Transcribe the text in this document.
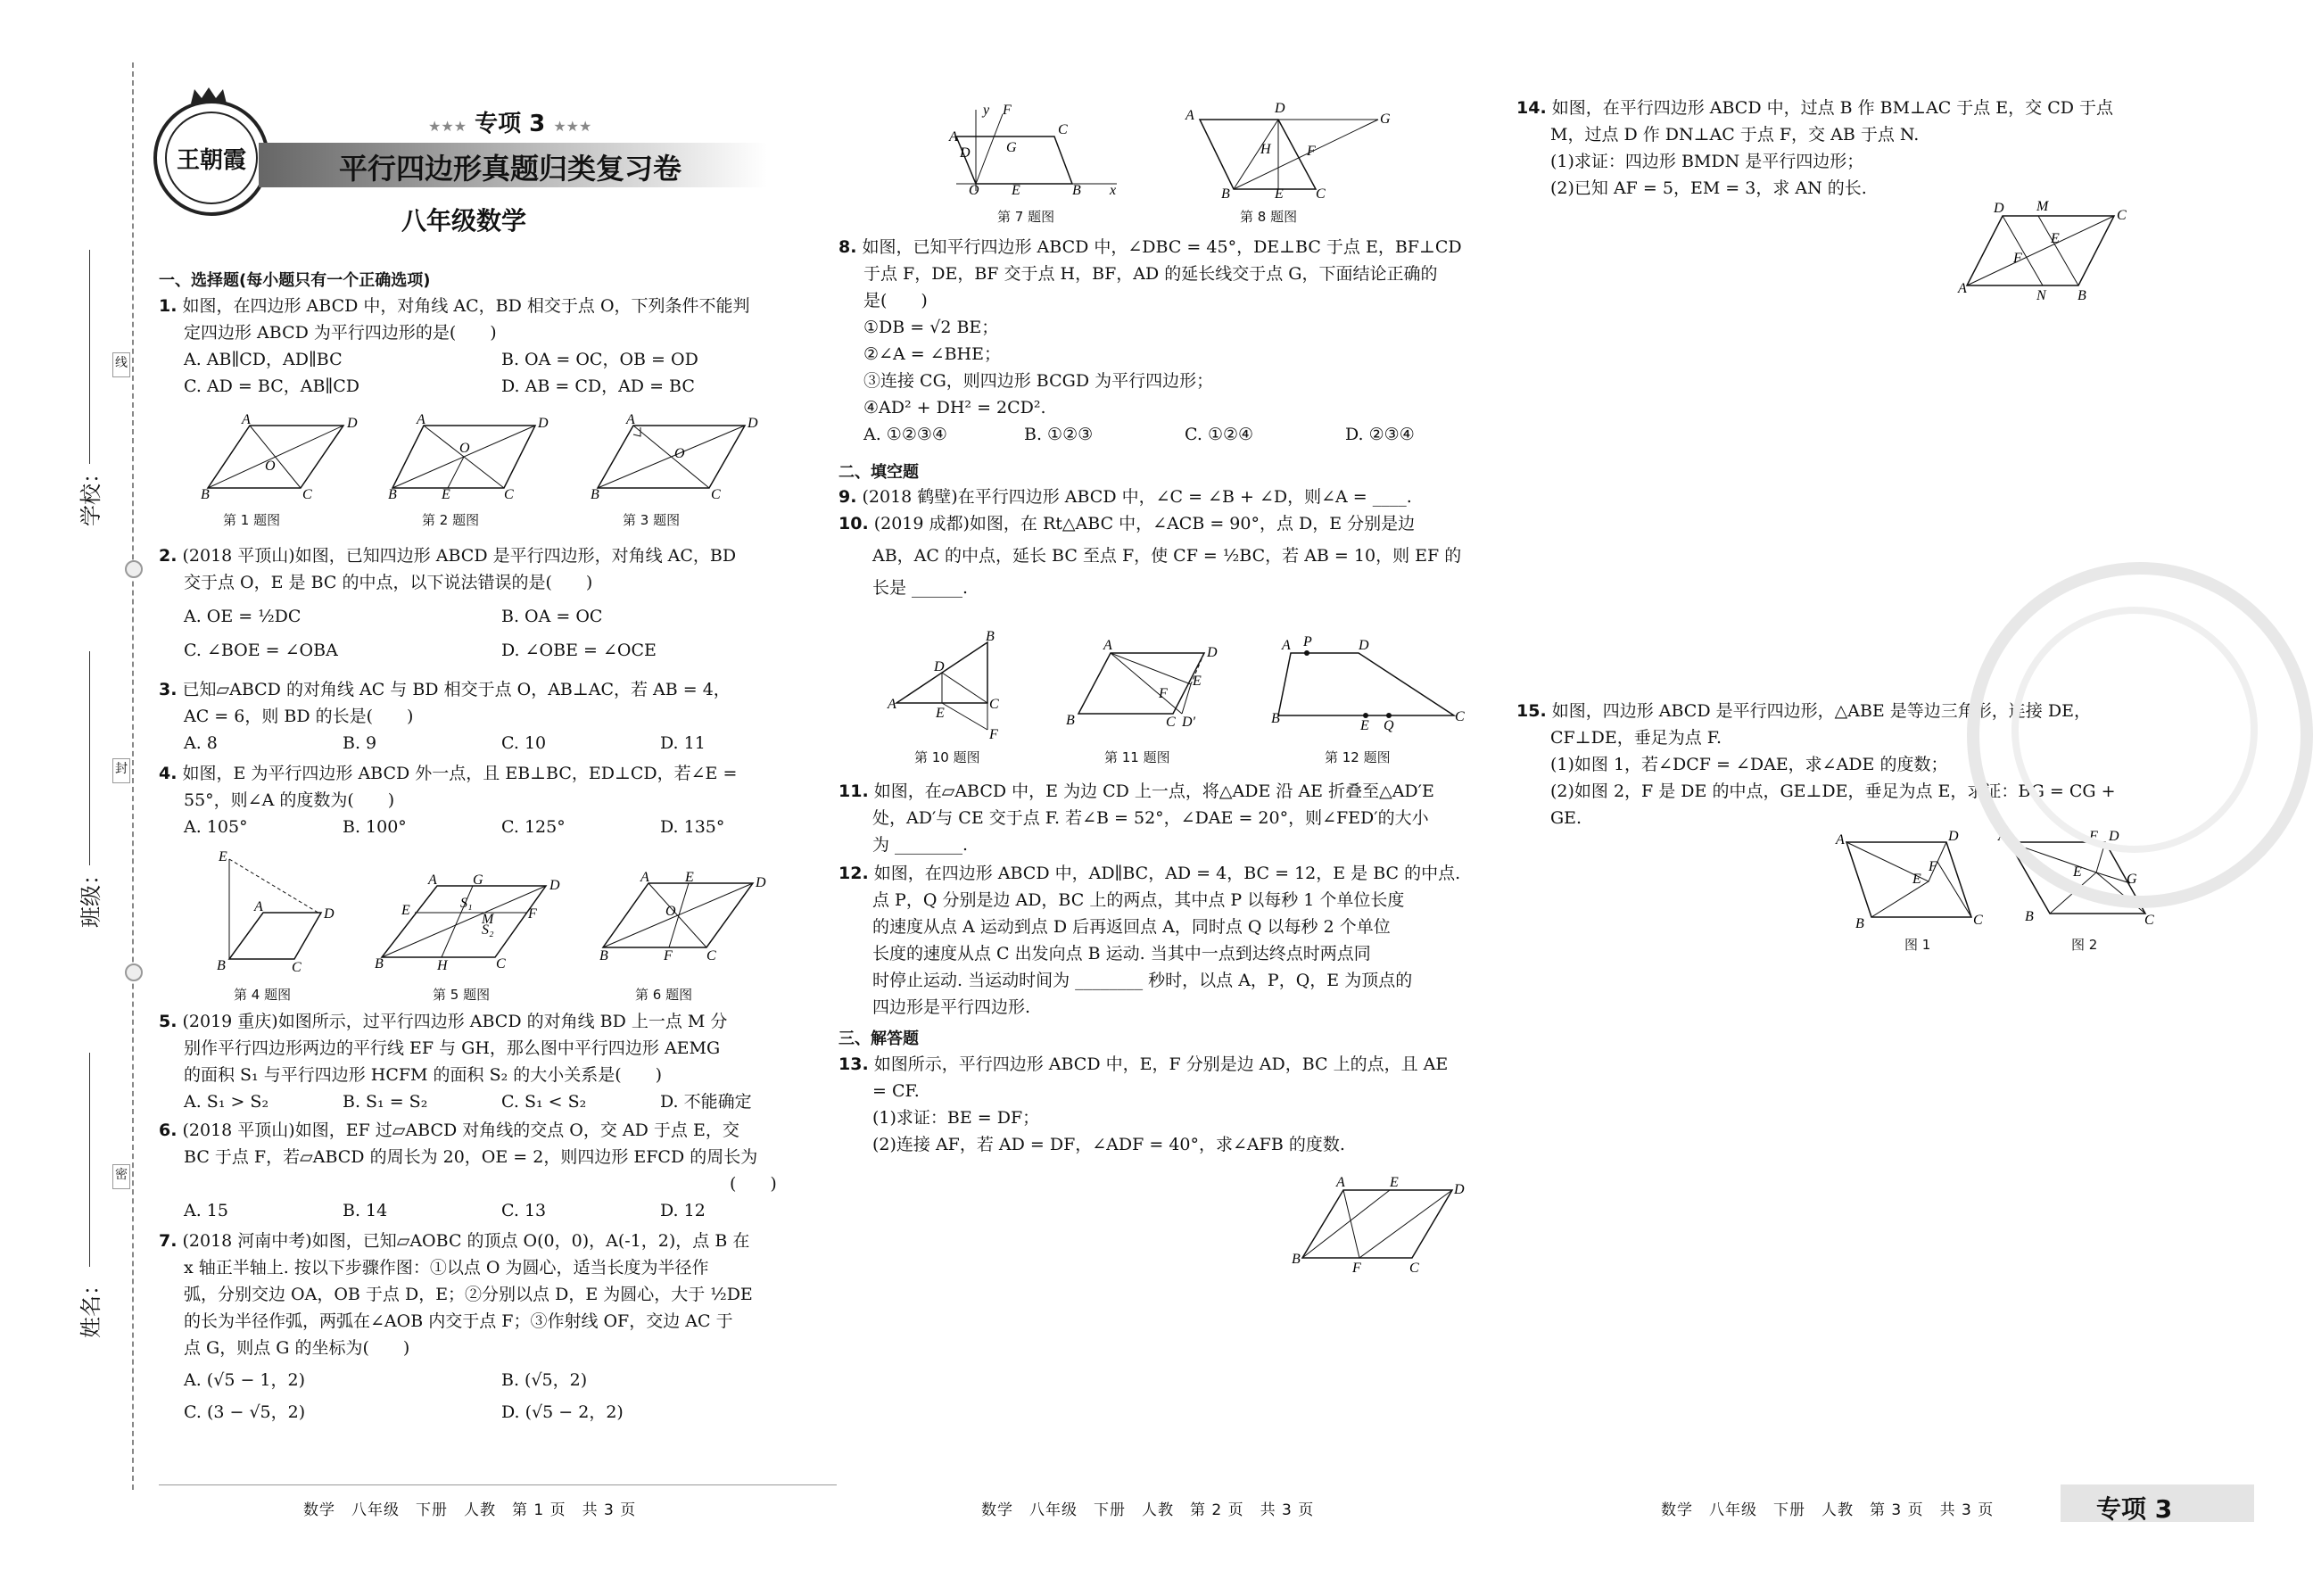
学校：
班级：
姓名：
线
封
密
王朝霞
★★★ 专项 3 ★★★
平行四边形真题归类复习卷
八年级数学
一、选择题(每小题只有一个正确选项)

1. 如图，在四边形 ABCD 中，对角线 AC，BD 相交于点 O，下列条件不能判

定四边形 ABCD 为平行四边形的是(　　)

A. AB∥CD，AD∥BC	B. OA = OC，OB = OD

C. AD = BC，AB∥CD	D. AB = CD，AD = BC

A	D
B	C
O
第 1 题图
A	D
B	C
O
E
第 2 题图
A	D
B	C
O
第 3 题图

2. (2018 平顶山)如图，已知四边形 ABCD 是平行四边形，对角线 AC，BD

交于点 O，E 是 BC 的中点，以下说法错误的是(　　)

A. OE = ½DC	B. OA = OC

C. ∠BOE = ∠OBA	D. ∠OBE = ∠OCE

3. 已知▱ABCD 的对角线 AC 与 BD 相交于点 O，AB⊥AC，若 AB = 4，

AC = 6，则 BD 的长是(　　)

A. 8	B. 9	C. 10	D. 11

4. 如图，E 为平行四边形 ABCD 外一点，且 EB⊥BC，ED⊥CD，若∠E =

55°，则∠A 的度数为(　　)

A. 105°	B. 100°	C. 125°	D. 135°

E
A	D
B	C
第 4 题图
A	G	D
E	F
S₁
S₂
M
B	H	C
第 5 题图
A	E	D
O
B	F C
第 6 题图

5. (2019 重庆)如图所示，过平行四边形 ABCD 的对角线 BD 上一点 M 分

别作平行四边形两边的平行线 EF 与 GH，那么图中平行四边形 AEMG

的面积 S₁ 与平行四边形 HCFM 的面积 S₂ 的大小关系是(　　)

A. S₁ > S₂	B. S₁ = S₂	C. S₁ < S₂	D. 不能确定

6. (2018 平顶山)如图，EF 过▱ABCD 对角线的交点 O，交 AD 于点 E，交

BC 于点 F，若▱ABCD 的周长为 20，OE = 2，则四边形 EFCD 的周长为

(　　)

A. 15	B. 14	C. 13	D. 12

7. (2018 河南中考)如图，已知▱AOBC 的顶点 O(0，0)，A(-1，2)，点 B 在

x 轴正半轴上. 按以下步骤作图：①以点 O 为圆心，适当长度为半径作

弧，分别交边 OA，OB 于点 D，E；②分别以点 D，E 为圆心，大于 ½DE

的长为半径作弧，两弧在∠AOB 内交于点 F；③作射线 OF，交边 AC 于

点 G，则点 G 的坐标为(　　)

A. (√5 − 1，2)	B. (√5，2)

C. (3 − √5，2)	D. (√5 − 2，2)

A	C
O	B
E
y F
G
x
D
第 7 题图
A	D
G
H	F
B	E C
第 8 题图

8. 如图，已知平行四边形 ABCD 中，∠DBC = 45°，DE⊥BC 于点 E，BF⊥CD

于点 F，DE，BF 交于点 H，BF，AD 的延长线交于点 G，下面结论正确的

是(　　)

①DB = √2 BE；

②∠A = ∠BHE；

③连接 CG，则四边形 BCGD 为平行四边形；

④AD² + DH² = 2CD².

A. ①②③④	B. ①②③	C. ①②④	D. ②③④

二、填空题

9. (2018 鹤壁)在平行四边形 ABCD 中，∠C = ∠B + ∠D，则∠A = ____.

10. (2019 成都)如图，在 Rt△ABC 中，∠ACB = 90°，点 D，E 分别是边

AB，AC 的中点，延长 BC 至点 F，使 CF = ½BC，若 AB = 10，则 EF 的

长是 ______.

A
B
C
D
E
F
第 10 题图
A	D
B	C D′
E
F
第 11 题图
A P	D
B	E Q
C
第 12 题图

11. 如图，在▱ABCD 中，E 为边 CD 上一点，将△ADE 沿 AE 折叠至△AD′E

处，AD′与 CE 交于点 F. 若∠B = 52°，∠DAE = 20°，则∠FED′的大小

为 ________.

12. 如图，在四边形 ABCD 中，AD∥BC，AD = 4，BC = 12，E 是 BC 的中点.

点 P，Q 分别是边 AD，BC 上的两点，其中点 P 以每秒 1 个单位长度

的速度从点 A 运动到点 D 后再返回点 A，同时点 Q 以每秒 2 个单位

长度的速度从点 C 出发向点 B 运动. 当其中一点到达终点时两点同

时停止运动. 当运动时间为 ________ 秒时，以点 A，P，Q，E 为顶点的

四边形是平行四边形.

三、解答题

13. 如图所示，平行四边形 ABCD 中，E，F 分别是边 AD，BC 上的点，且 AE

= CF.

(1)求证：BE = DF；

(2)连接 AF，若 AD = DF，∠ADF = 40°，求∠AFB 的度数.

A	E	D
B
F	C

14. 如图，在平行四边形 ABCD 中，过点 B 作 BM⊥AC 于点 E，交 CD 于点

M，过点 D 作 DN⊥AC 于点 F，交 AB 于点 N.

(1)求证：四边形 BMDN 是平行四边形；

(2)已知 AF = 5，EM = 3，求 AN 的长.

D M
C
E
F
A	N B

15. 如图，四边形 ABCD 是平行四边形，△ABE 是等边三角形，连接 DE，

CF⊥DE，垂足为点 F.

(1)如图 1，若∠DCF = ∠DAE，求∠ADE 的度数；

(2)如图 2，F 是 DE 的中点，GE⊥DE，垂足为点 E，求证：BG = CG +

GE.

A	D
F
E
B	C
图 1
A	F D
E	G
B	C
图 2
数学　八年级　下册　人教　第 1 页　共 3 页	数学　八年级　下册　人教　第 2 页　共 3 页	数学　八年级　下册　人教　第 3 页　共 3 页	专项 3
